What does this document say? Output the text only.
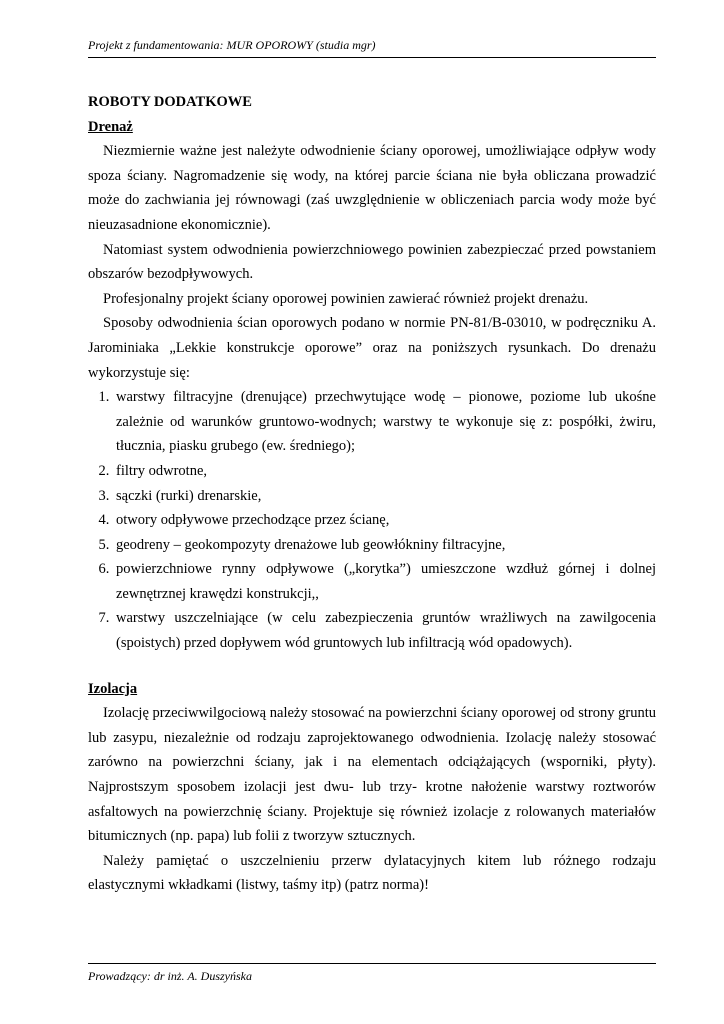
Projekt z fundamentowania: MUR OPOROWY (studia mgr)
ROBOTY DODATKOWE
Drenaż

Niezmiernie ważne jest należyte odwodnienie ściany oporowej, umożliwiające odpływ wody spoza ściany. Nagromadzenie się wody, na której parcie ściana nie była obliczana prowadzić może do zachwiania jej równowagi (zaś uwzględnienie w obliczeniach parcia wody może być nieuzasadnione ekonomicznie).

Natomiast system odwodnienia powierzchniowego powinien zabezpieczać przed powstaniem obszarów bezodpływowych.

Profesjonalny projekt ściany oporowej powinien zawierać również projekt drenażu.

Sposoby odwodnienia ścian oporowych podano w normie PN-81/B-03010, w podręczniku A. Jarominiaka „Lekkie konstrukcje oporowe” oraz na poniższych rysunkach. Do drenażu wykorzystuje się:

1. warstwy filtracyjne (drenujące) przechwytujące wodę – pionowe, poziome lub ukośne zależnie od warunków gruntowo-wodnych; warstwy te wykonuje się z: pospółki, żwiru, tłucznia, piasku grubego (ew. średniego);
2. filtry odwrotne,
3. sączki (rurki) drenarskie,
4. otwory odpływowe przechodzące przez ścianę,
5. geodreny – geokompozyty drenażowe lub geowłókniny filtracyjne,
6. powierzchniowe rynny odpływowe („korytka”) umieszczone wzdłuż górnej i dolnej zewnętrznej krawędzi konstrukcji,,
7. warstwy uszczelniające (w celu zabezpieczenia gruntów wrażliwych na zawilgocenia (spoistych) przed dopływem wód gruntowych lub infiltracją wód opadowych).
Izolacja

Izolację przeciwwilgociową należy stosować na powierzchni ściany oporowej od strony gruntu lub zasypu, niezależnie od rodzaju zaprojektowanego odwodnienia. Izolację należy stosować zarówno na powierzchni ściany, jak i na elementach odciążających (wsporniki, płyty). Najprostszym sposobem izolacji jest dwu- lub trzy- krotne nałożenie warstwy roztworów asfaltowych na powierzchnię ściany. Projektuje się również izolacje z rolowanych materiałów bitumicznych (np. papa) lub folii z tworzyw sztucznych.

Należy pamiętać o uszczelnieniu przerw dylatacyjnych kitem lub różnego rodzaju elastycznymi wkładkami (listwy, taśmy itp) (patrz norma)!

Prowadzący: dr inż. A. Duszyńska
